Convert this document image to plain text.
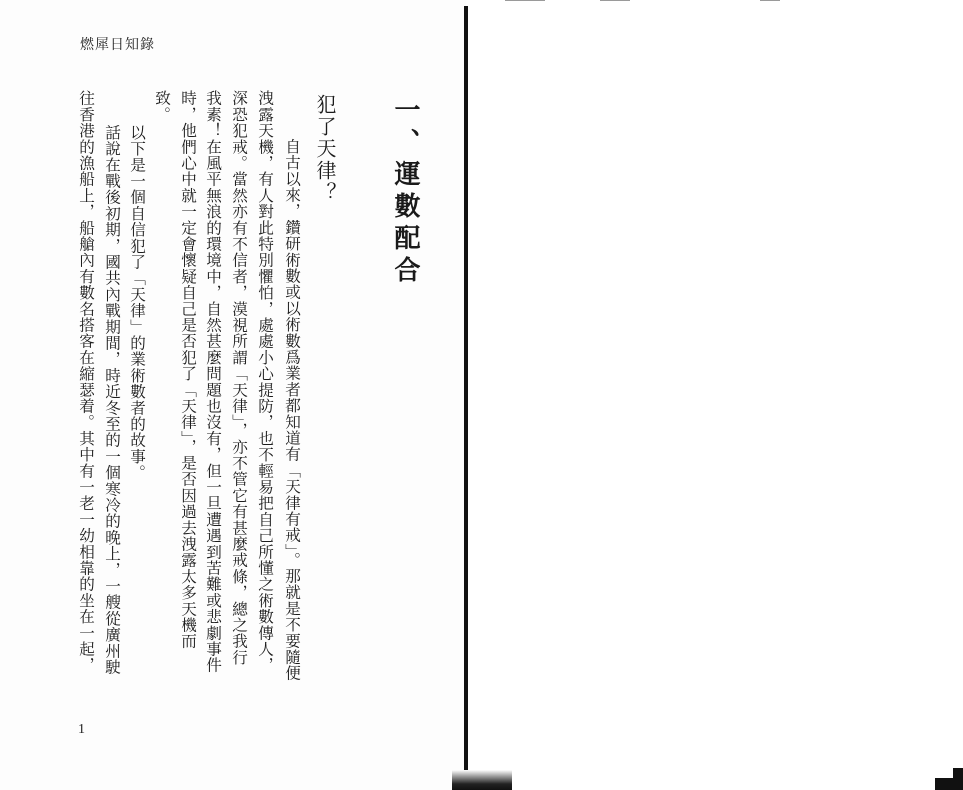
燃犀日知錄
一、運數配合
犯了天律？
　自古以來，鑽研術數或以術數爲業者都知道有「天律有戒」。那就是不要隨便
洩露天機，有人對此特別懼怕，處處小心提防，也不輕易把自己所懂之術數傳人，
深恐犯戒。當然亦有不信者，漠視所謂「天律」，亦不管它有甚麼戒條，總之我行
我素！在風平無浪的環境中，自然甚麼問題也沒有，但一旦遭遇到苦難或悲劇事件
時，他們心中就一定會懷疑自己是否犯了「天律」，是否因過去洩露太多天機而
致。
　以下是一個自信犯了「天律」的業術數者的故事。
　話說在戰後初期，國共內戰期間，時近冬至的一個寒冷的晚上，一艘從廣州駛
往香港的漁船上，船艙內有數名搭客在縮瑟着。其中有一老一幼相靠的坐在一起，
1
